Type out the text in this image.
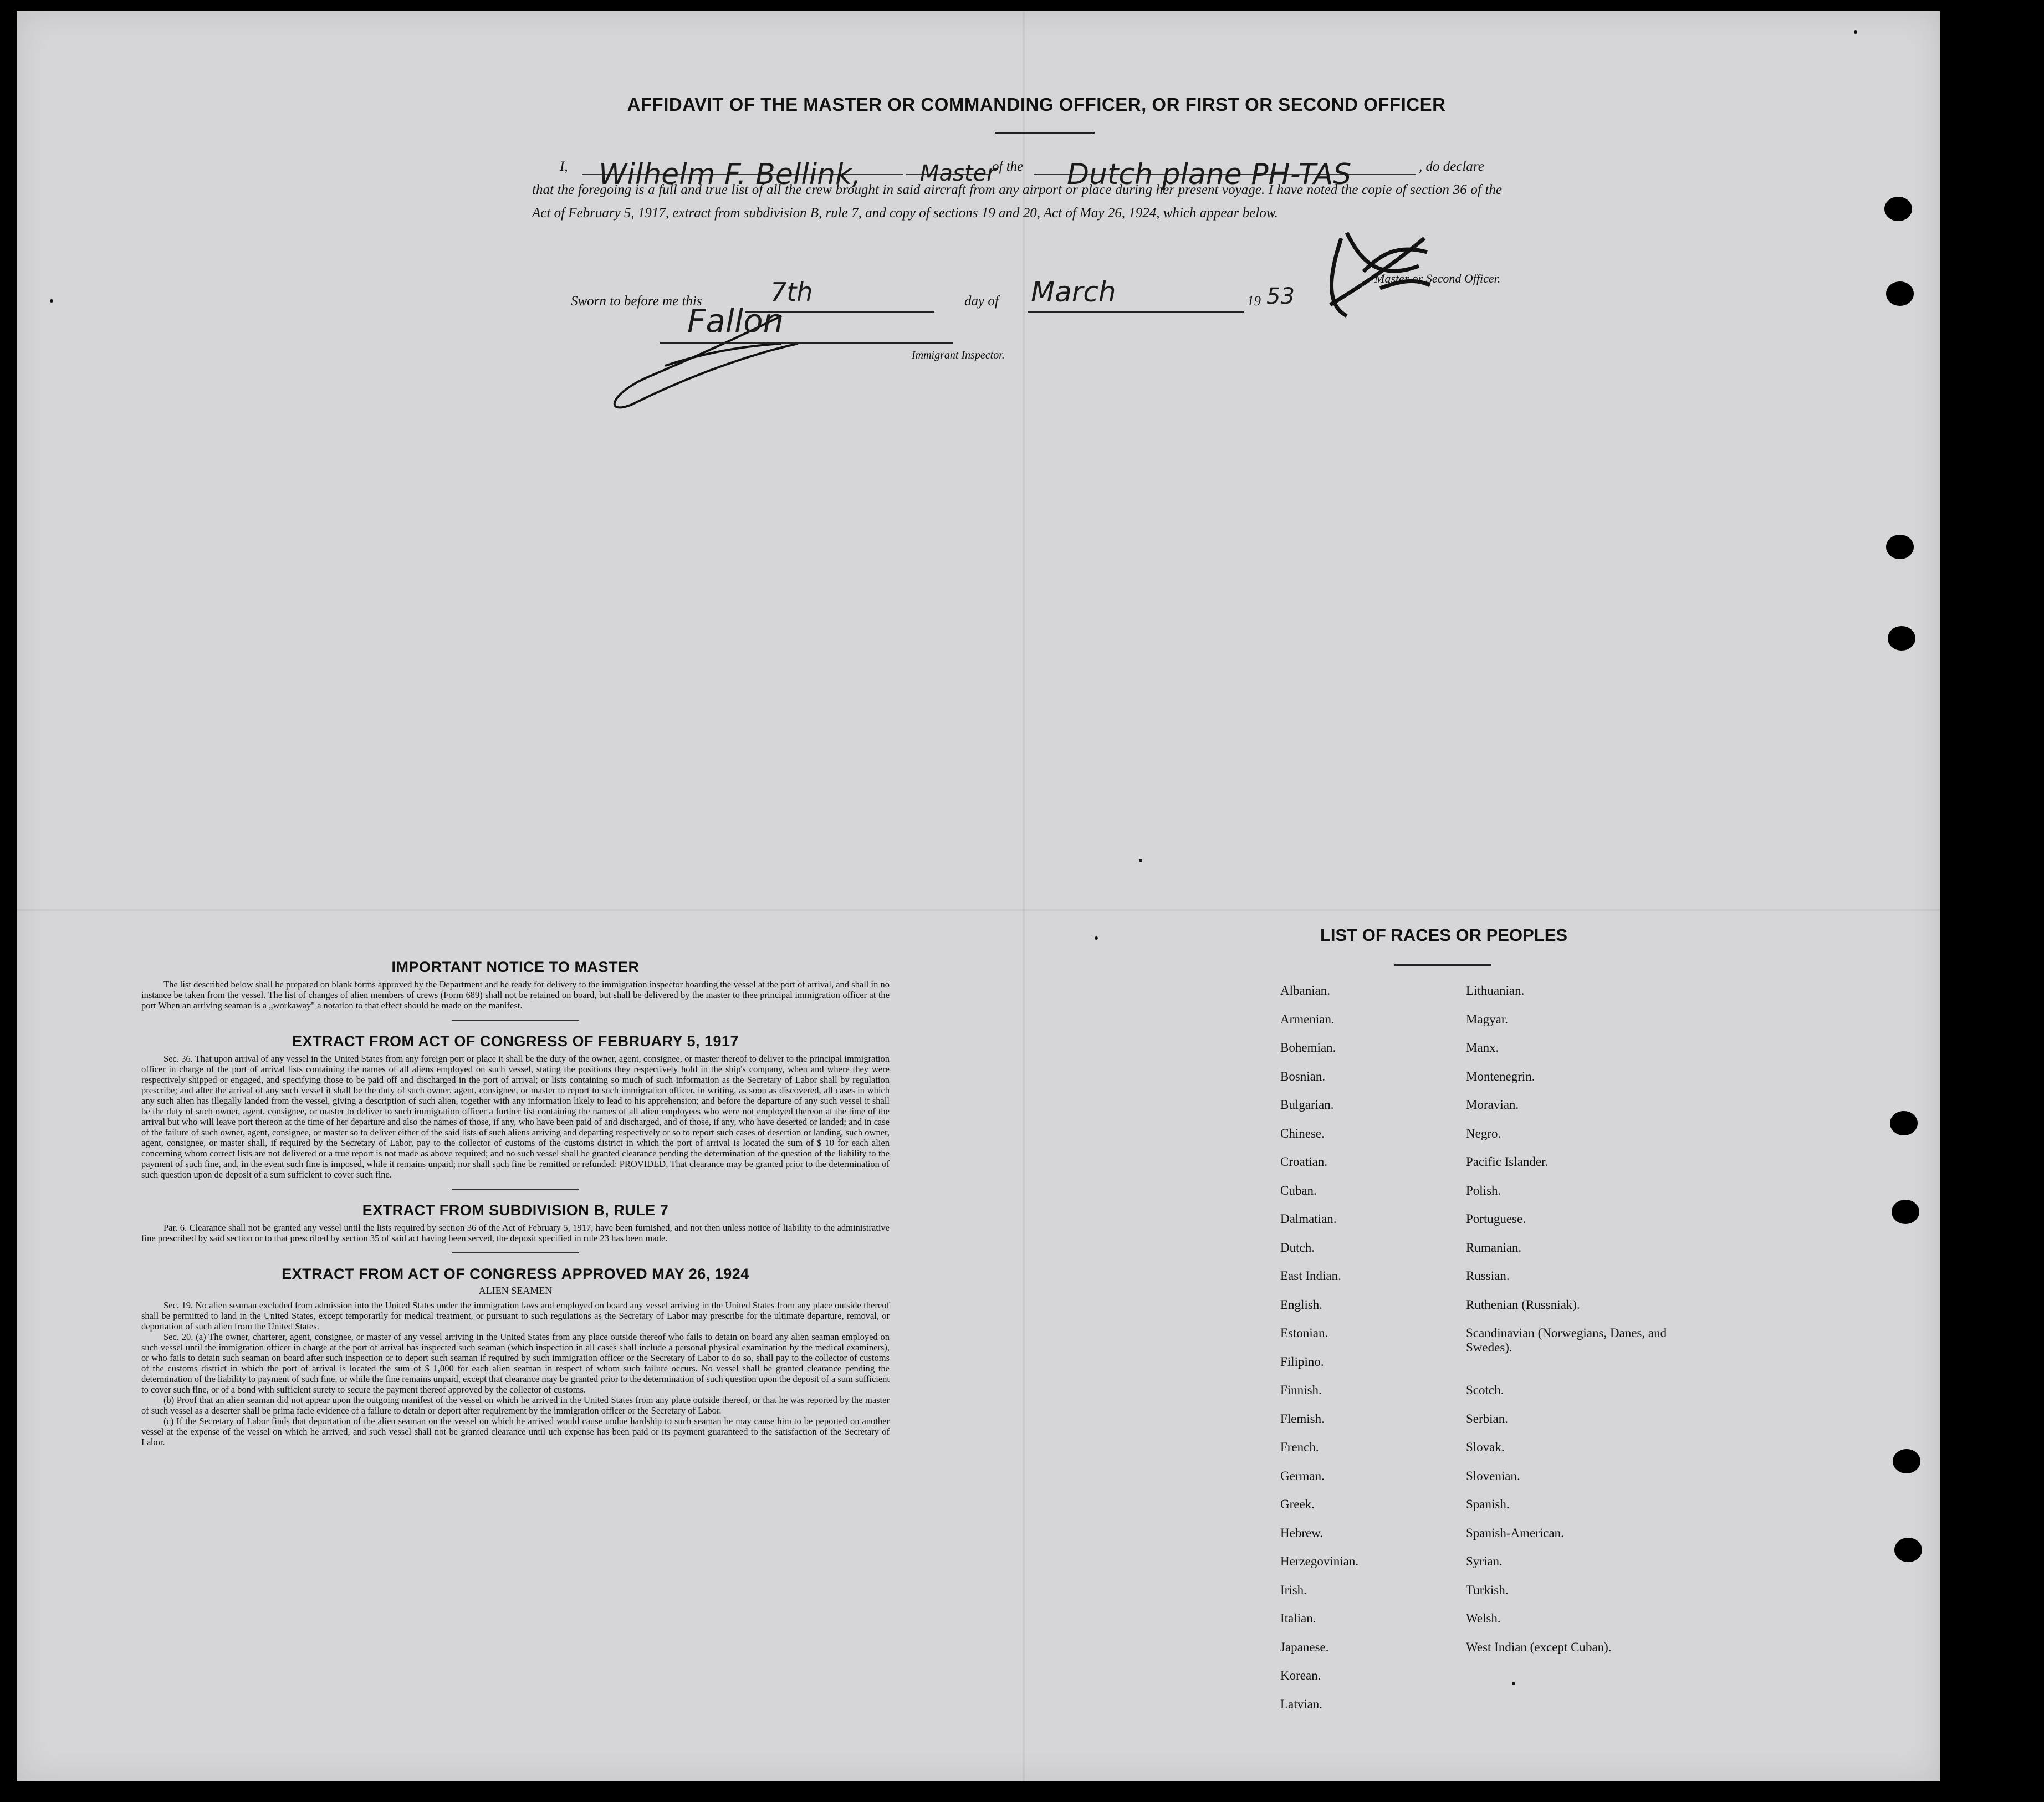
AFFIDAVIT OF THE MASTER OR COMMANDING OFFICER, OR FIRST OR SECOND OFFICER
I,	of the	, do declare
that the foregoing is a full and true list of all the crew brought in said aircraft from any airport or place during her present voyage. I have noted the copie of section 36 of the Act of February 5, 1917, extract from subdivision B, rule 7, and copy of sections 19 and 20, Act of May 26, 1924, which appear below.
Wilhelm F. Bellink,	Master Dutch plane PH-TAS
Master or Second Officer.
Sworn to before me this	7th	day of March	19 53
Fallon
Immigrant Inspector.
IMPORTANT NOTICE TO MASTER

The list described below shall be prepared on blank forms approved by the Department and be ready for delivery to the immigration inspector boarding the vessel at the port of arrival, and shall in no instance be taken from the vessel. The list of changes of alien members of crews (Form 689) shall not be retained on board, but shall be delivered by the master to thee principal immigration officer at the port When an arriving seaman is a „workaway" a notation to that effect should be made on the manifest.

EXTRACT FROM ACT OF CONGRESS OF FEBRUARY 5, 1917

Sec. 36. That upon arrival of any vessel in the United States from any foreign port or place it shall be the duty of the owner, agent, consignee, or master thereof to deliver to the principal immigration officer in charge of the port of arrival lists containing the names of all aliens employed on such vessel, stating the positions they respectively hold in the ship's company, when and where they were respectively shipped or engaged, and specifying those to be paid off and discharged in the port of arrival; or lists containing so much of such information as the Secretary of Labor shall by regulation prescribe; and after the arrival of any such vessel it shall be the duty of such owner, agent, consignee, or master to report to such immigration officer, in writing, as soon as discovered, all cases in which any such alien has illegally landed from the vessel, giving a description of such alien, together with any information likely to lead to his apprehension; and before the departure of any such vessel it shall be the duty of such owner, agent, consignee, or master to deliver to such immigration officer a further list containing the names of all alien employees who were not employed thereon at the time of the arrival but who will leave port thereon at the time of her departure and also the names of those, if any, who have been paid of and discharged, and of those, if any, who have deserted or landed; and in case of the failure of such owner, agent, consignee, or master so to deliver either of the said lists of such aliens arriving and departing respectively or so to report such cases of desertion or landing, such owner, agent, consignee, or master shall, if required by the Secretary of Labor, pay to the collector of customs of the customs district in which the port of arrival is located the sum of $ 10 for each alien concerning whom correct lists are not delivered or a true report is not made as above required; and no such vessel shall be granted clearance pending the determination of the question of the liability to the payment of such fine, and, in the event such fine is imposed, while it remains unpaid; nor shall such fine be remitted or refunded: PROVIDED, That clearance may be granted prior to the determination of such question upon de deposit of a sum sufficient to cover such fine.

EXTRACT FROM SUBDIVISION B, RULE 7

Par. 6. Clearance shall not be granted any vessel until the lists required by section 36 of the Act of February 5, 1917, have been furnished, and not then unless notice of liability to the administrative fine prescribed by said section or to that prescribed by section 35 of said act having been served, the deposit specified in rule 23 has been made.

EXTRACT FROM ACT OF CONGRESS APPROVED MAY 26, 1924
ALIEN SEAMEN

Sec. 19. No alien seaman excluded from admission into the United States under the immigration laws and employed on board any vessel arriving in the United States from any place outside thereof shall be permitted to land in the United States, except temporarily for medical treatment, or pursuant to such regulations as the Secretary of Labor may prescribe for the ultimate departure, removal, or deportation of such alien from the United States.

Sec. 20. (a) The owner, charterer, agent, consignee, or master of any vessel arriving in the United States from any place outside thereof who fails to detain on board any alien seaman employed on such vessel until the immigration officer in charge at the port of arrival has inspected such seaman (which inspection in all cases shall include a personal physical examination by the medical examiners), or who fails to detain such seaman on board after such inspection or to deport such seaman if required by such immigration officer or the Secretary of Labor to do so, shall pay to the collector of customs of the customs district in which the port of arrival is located the sum of $ 1,000 for each alien seaman in respect of whom such failure occurs. No vessel shall be granted clearance pending the determination of the liability to payment of such fine, or while the fine remains unpaid, except that clearance may be granted prior to the determination of such question upon the deposit of a sum sufficient to cover such fine, or of a bond with sufficient surety to secure the payment thereof approved by the collector of customs.

(b) Proof that an alien seaman did not appear upon the outgoing manifest of the vessel on which he arrived in the United States from any place outside thereof, or that he was reported by the master of such vessel as a deserter shall be prima facie evidence of a failure to detain or deport after requirement by the immigration officer or the Secretary of Labor.

(c) If the Secretary of Labor finds that deportation of the alien seaman on the vessel on which he arrived would cause undue hardship to such seaman he may cause him to be peported on another vessel at the expense of the vessel on which he arrived, and such vessel shall not be granted clearance until uch expense has been paid or its payment guaranteed to the satisfaction of the Secretary of Labor.

LIST OF RACES OR PEOPLES
Albanian.
Armenian.
Bohemian.
Bosnian.
Bulgarian.
Chinese.
Croatian.
Cuban.
Dalmatian.
Dutch.
East Indian.
English.
Estonian.
Filipino.
Finnish.
Flemish.
French.
German.
Greek.
Hebrew.
Herzegovinian.
Irish.
Italian.
Japanese.
Korean.
Latvian.
Lithuanian.
Magyar.
Manx.
Montenegrin.
Moravian.
Negro.
Pacific Islander.
Polish.
Portuguese.
Rumanian.
Russian.
Ruthenian (Russniak).
Scandinavian (Norwegians, Danes, and Swedes).
Scotch.
Serbian.
Slovak.
Slovenian.
Spanish.
Spanish-American.
Syrian.
Turkish.
Welsh.
West Indian (except Cuban).
